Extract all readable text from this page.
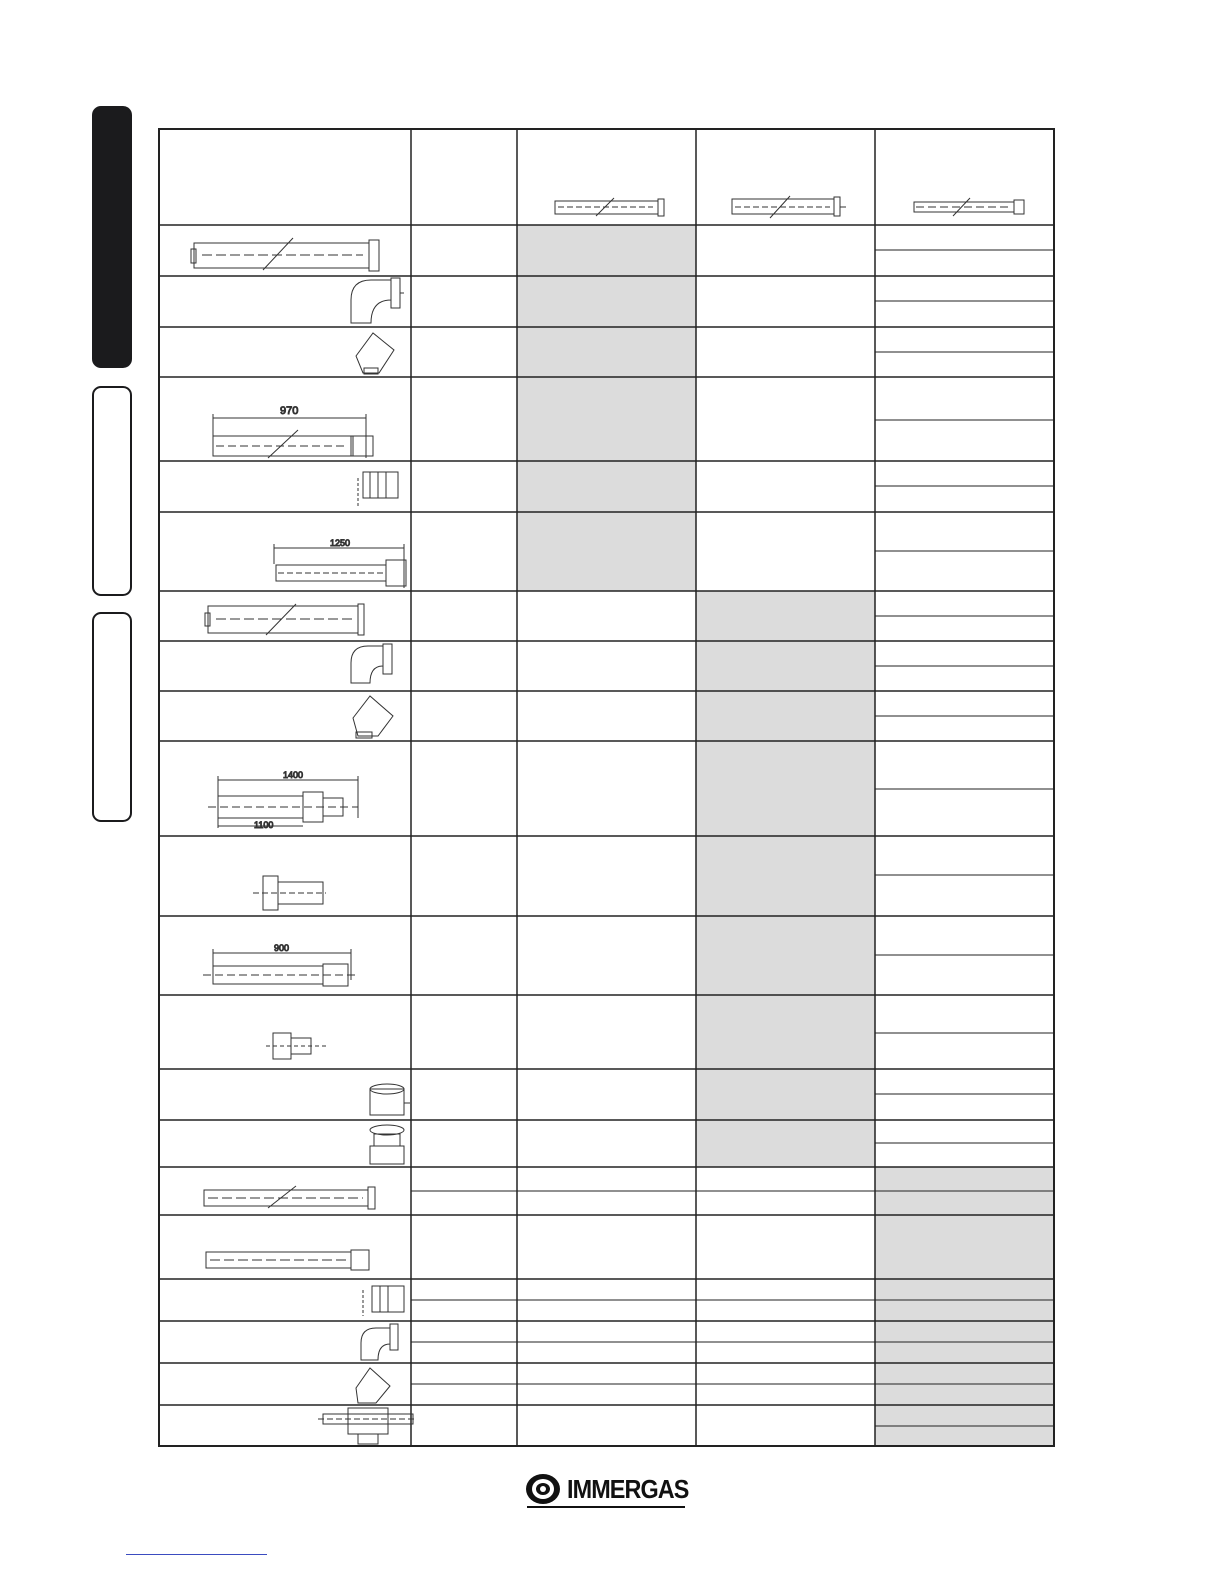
970
1250
1400
1100
900
IMMERGAS
